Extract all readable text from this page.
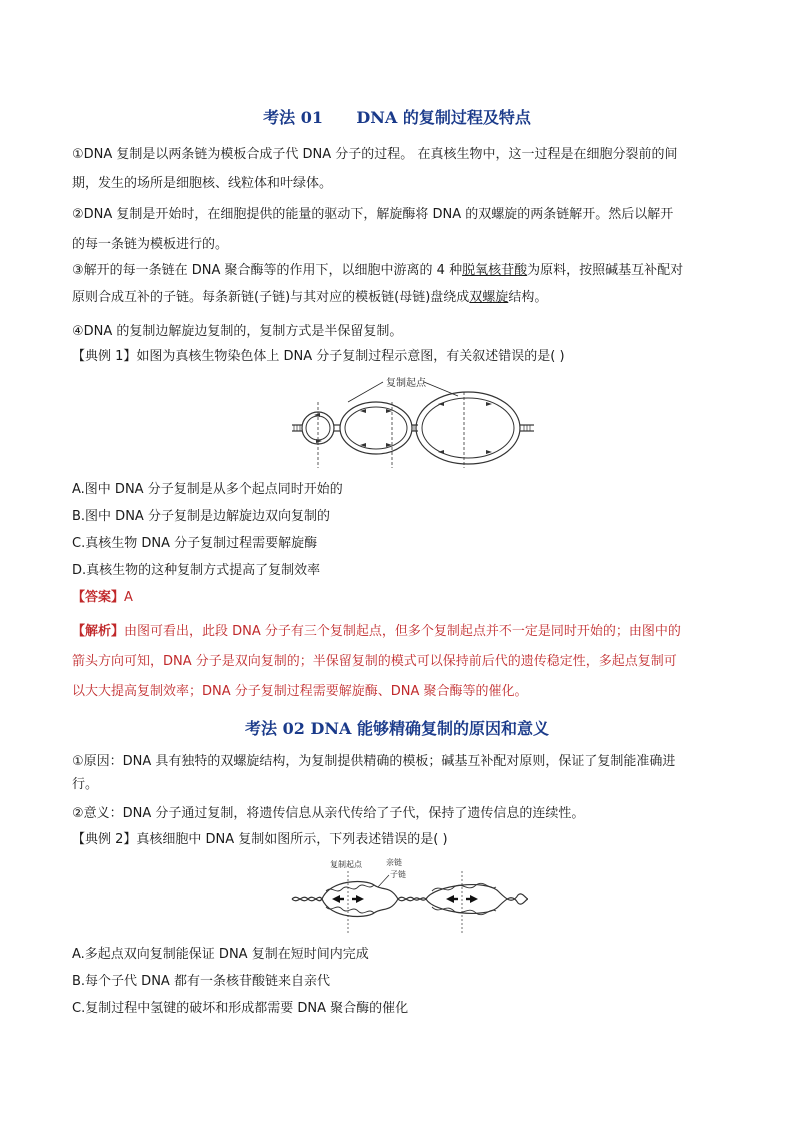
考法 01      DNA 的复制过程及特点
①DNA 复制是以两条链为模板合成子代 DNA 分子的过程。 在真核生物中，这一过程是在细胞分裂前的间
期，发生的场所是细胞核、线粒体和叶绿体。
②DNA 复制是开始时，在细胞提供的能量的驱动下，解旋酶将 DNA 的双螺旋的两条链解开。然后以解开
的每一条链为模板进行的。
③解开的每一条链在 DNA 聚合酶等的作用下，以细胞中游离的 4 种脱氧核苷酸为原料，按照碱基互补配对
原则合成互补的子链。每条新链(子链)与其对应的模板链(母链)盘绕成双螺旋结构。
④DNA 的复制边解旋边复制的，复制方式是半保留复制。
【典例 1】如图为真核生物染色体上 DNA 分子复制过程示意图，有关叙述错误的是( )
复制起点
A.图中 DNA 分子复制是从多个起点同时开始的
B.图中 DNA 分子复制是边解旋边双向复制的
C.真核生物 DNA 分子复制过程需要解旋酶
D.真核生物的这种复制方式提高了复制效率
【答案】A
【解析】由图可看出，此段 DNA 分子有三个复制起点，但多个复制起点并不一定是同时开始的；由图中的
箭头方向可知，DNA 分子是双向复制的；半保留复制的模式可以保持前后代的遗传稳定性，多起点复制可
以大大提高复制效率；DNA 分子复制过程需要解旋酶、DNA 聚合酶等的催化。
考法 02 DNA 能够精确复制的原因和意义
①原因：DNA 具有独特的双螺旋结构，为复制提供精确的模板；碱基互补配对原则，保证了复制能准确进
行。
②意义：DNA 分子通过复制，将遗传信息从亲代传给了子代，保持了遗传信息的连续性。
【典例 2】真核细胞中 DNA 复制如图所示，下列表述错误的是( )
复制起点	亲链
子链
A.多起点双向复制能保证 DNA 复制在短时间内完成
B.每个子代 DNA 都有一条核苷酸链来自亲代
C.复制过程中氢键的破坏和形成都需要 DNA 聚合酶的催化
